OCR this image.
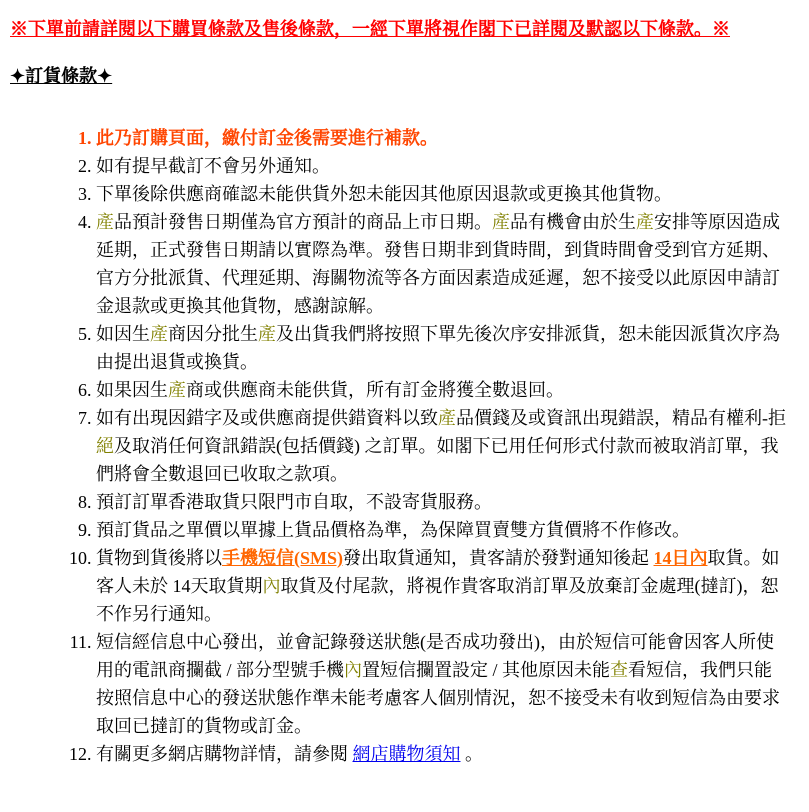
※下單前請詳閱以下購買條款及售後條款，一經下單將視作閣下已詳閱及默認以下條款。※
✦訂貨條款✦
1. 此乃訂購頁面，繳付訂金後需要進行補款。
2. 如有提早截訂不會另外通知。
3. 下單後除供應商確認未能供貨外恕未能因其他原因退款或更換其他貨物。
4. 產品預計發售日期僅為官方預計的商品上市日期。產品有機會由於生產安排等原因造成延期，正式發售日期請以實際為準。發售日期非到貨時間，到貨時間會受到官方延期、官方分批派貨、代理延期、海關物流等各方面因素造成延遲，恕不接受以此原因申請訂金退款或更換其他貨物，感謝諒解。
5. 如因生產商因分批生產及出貨我們將按照下單先後次序安排派貨，恕未能因派貨次序為由提出退貨或換貨。
6. 如果因生產商或供應商未能供貨，所有訂金將獲全數退回。
7. 如有出現因錯字及或供應商提供錯資料以致產品價錢及或資訊出現錯誤，精品有權利-拒絕及取消任何資訊錯誤(包括價錢) 之訂單。如閣下已用任何形式付款而被取消訂單，我們將會全數退回已收取之款項。
8. 預訂訂單香港取貨只限門市自取，不設寄貨服務。
9. 預訂貨品之單價以單據上貨品價格為準，為保障買賣雙方貨價將不作修改。
10. 貨物到貨後將以手機短信(SMS)發出取貨通知，貴客請於發對通知後起 14日內取貨。如客人未於 14天取貨期內取貨及付尾款，將視作貴客取消訂單及放棄訂金處理(撻訂)，恕不作另行通知。
11. 短信經信息中心發出，並會記錄發送狀態(是否成功發出)，由於短信可能會因客人所使用的電訊商攔截 / 部分型號手機內置短信攔置設定 / 其他原因未能查看短信，我們只能按照信息中心的發送狀態作準未能考慮客人個別情況，恕不接受未有收到短信為由要求取回已撻訂的貨物或訂金。
12. 有關更多網店購物詳情，請參閱 網店購物須知 。
